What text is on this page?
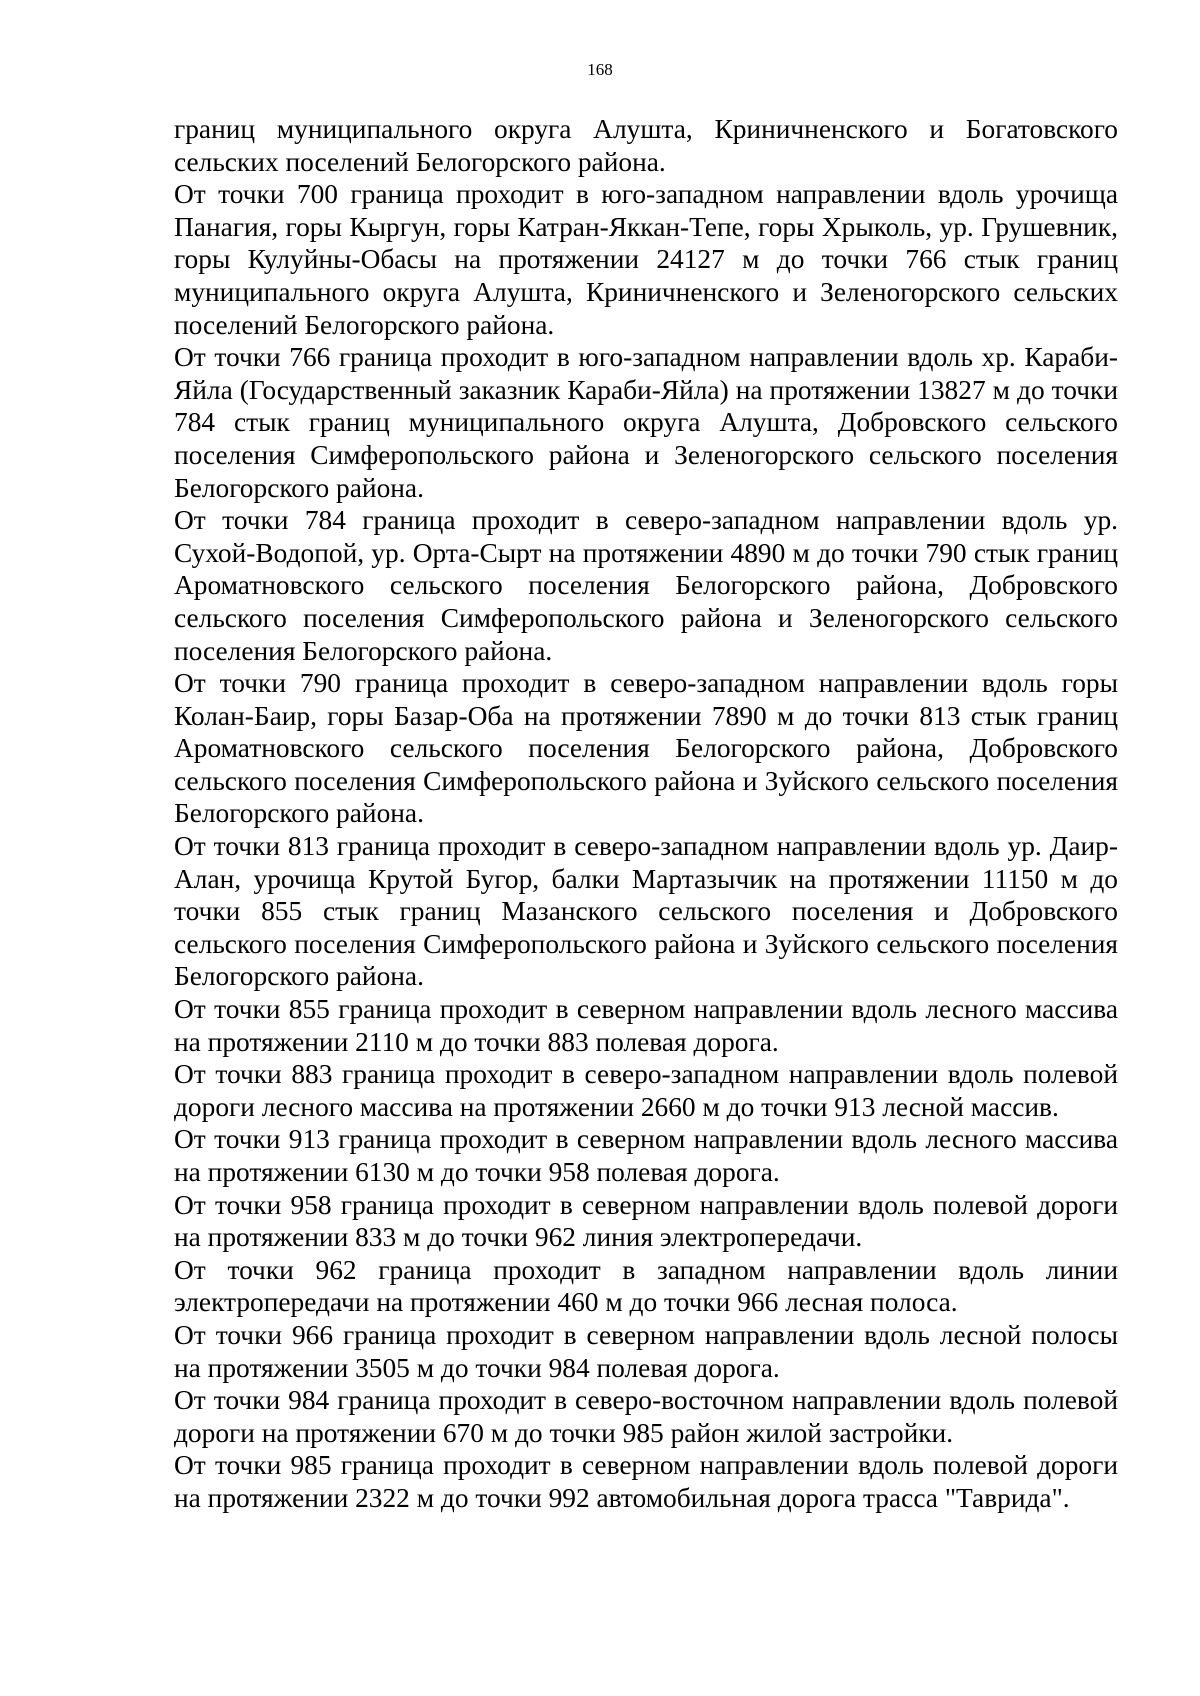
168

границ муниципального округа Алушта, Криничненского и Богатовского сельских поселений Белогорского района.

От точки 700 граница проходит в юго-западном направлении вдоль урочища Панагия, горы Кыргун, горы Катран-Яккан-Тепе, горы Хрыколь, ур. Грушевник, горы Кулуйны-Обасы на протяжении 24127 м до точки 766 стык границ муниципального округа Алушта, Криничненского и Зеленогорского сельских поселений Белогорского района.

От точки 766 граница проходит в юго-западном направлении вдоль хр. Караби-Яйла (Государственный заказник Караби-Яйла) на протяжении 13827 м до точки 784 стык границ муниципального округа Алушта, Добровского сельского поселения Симферопольского района и Зеленогорского сельского поселения Белогорского района.

От точки 784 граница проходит в северо-западном направлении вдоль ур. Сухой-Водопой, ур. Орта-Сырт на протяжении 4890 м до точки 790 стык границ Ароматновского сельского поселения Белогорского района, Добровского сельского поселения Симферопольского района и Зеленогорского сельского поселения Белогорского района.

От точки 790 граница проходит в северо-западном направлении вдоль горы Колан-Баир, горы Базар-Оба на протяжении 7890 м до точки 813 стык границ Ароматновского сельского поселения Белогорского района, Добровского сельского поселения Симферопольского района и Зуйского сельского поселения Белогорского района.

От точки 813 граница проходит в северо-западном направлении вдоль ур. Даир-Алан, урочища Крутой Бугор, балки Мартазычик на протяжении 11150 м до точки 855 стык границ Мазанского сельского поселения и Добровского сельского поселения Симферопольского района и Зуйского сельского поселения Белогорского района.

От точки 855 граница проходит в северном направлении вдоль лесного массива на протяжении 2110 м до точки 883 полевая дорога.

От точки 883 граница проходит в северо-западном направлении вдоль полевой дороги лесного массива на протяжении 2660 м до точки 913 лесной массив.

От точки 913 граница проходит в северном направлении вдоль лесного массива на протяжении 6130 м до точки 958 полевая дорога.

От точки 958 граница проходит в северном направлении вдоль полевой дороги на протяжении 833 м до точки 962 линия электропередачи.

От точки 962 граница проходит в западном направлении вдоль линии электропередачи на протяжении 460 м до точки 966 лесная полоса.

От точки 966 граница проходит в северном направлении вдоль лесной полосы на протяжении 3505 м до точки 984 полевая дорога.

От точки 984 граница проходит в северо-восточном направлении вдоль полевой дороги на протяжении 670 м до точки 985 район жилой застройки.

От точки 985 граница проходит в северном направлении вдоль полевой дороги на протяжении 2322 м до точки 992 автомобильная дорога трасса "Таврида".
